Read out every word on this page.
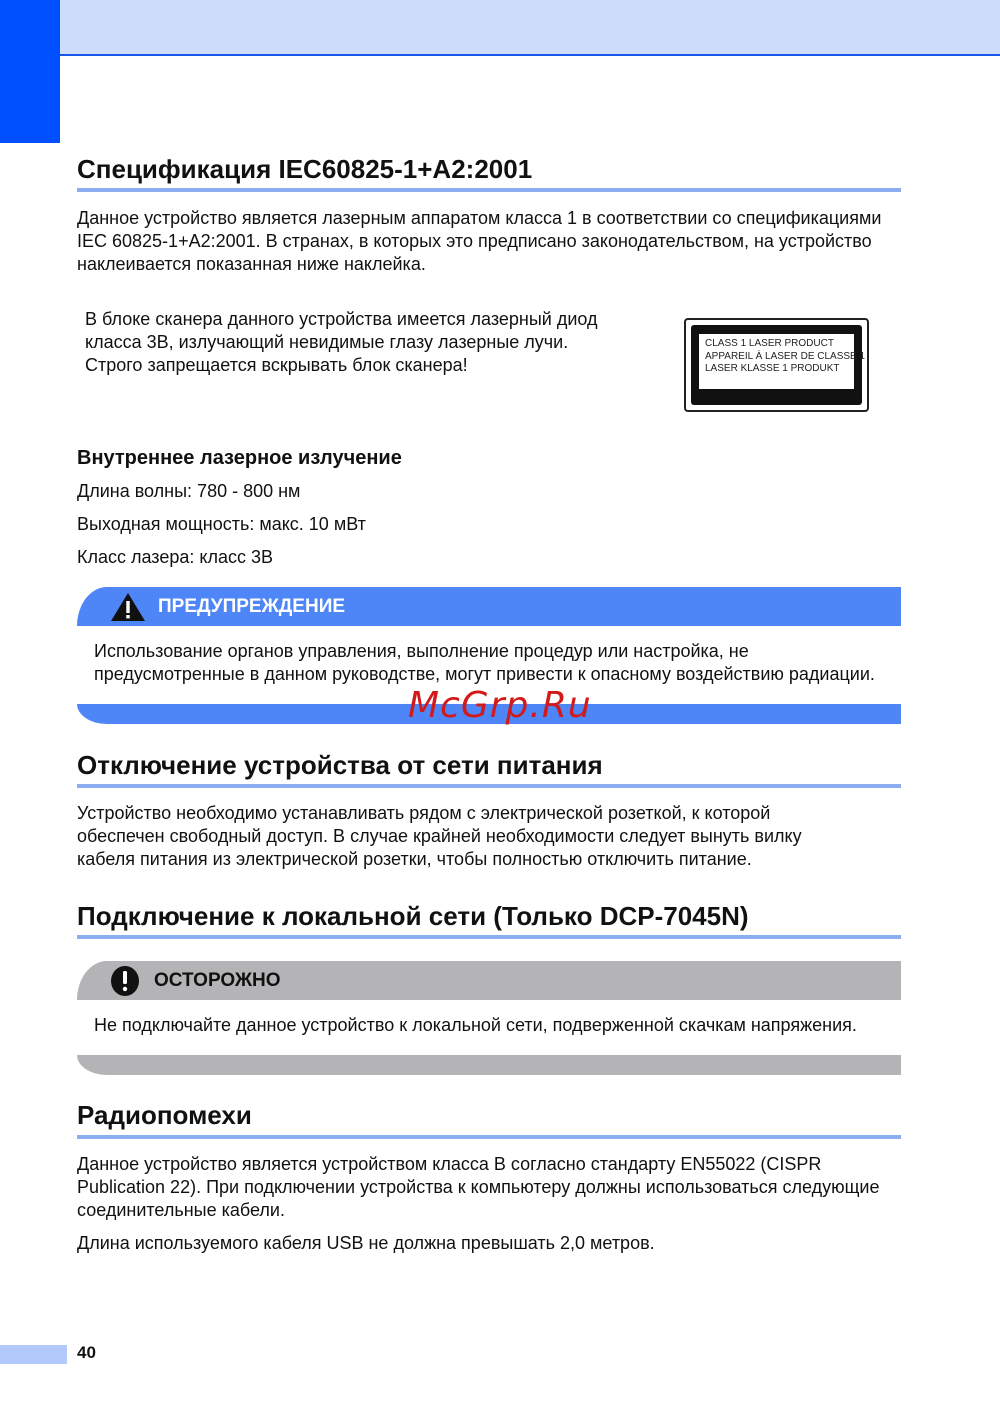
Спецификация IEC60825-1+A2:2001

Данное устройство является лазерным аппаратом класса 1 в соответствии со спецификациями
IEC 60825-1+A2:2001. В странах, в которых это предписано законодательством, на устройство
наклеивается показанная ниже наклейка.

В блоке сканера данного устройства имеется лазерный диод
класса 3B, излучающий невидимые глазу лазерные лучи.
Строго запрещается вскрывать блок сканера!

CLASS 1 LASER PRODUCT
APPAREIL À LASER DE CLASSE 1
LASER KLASSE 1 PRODUKT
Внутреннее лазерное излучение

Длина волны: 780 - 800 нм

Выходная мощность: макс. 10 мВт

Класс лазера: класс 3B

ПРЕДУПРЕЖДЕНИЕ

Использование органов управления, выполнение процедур или настройка, не
предусмотренные в данном руководстве, могут привести к опасному воздействию радиации.

McGrp.Ru
Отключение устройства от сети питания

Устройство необходимо устанавливать рядом с электрической розеткой, к которой
обеспечен свободный доступ. В случае крайней необходимости следует вынуть вилку
кабеля питания из электрической розетки, чтобы полностью отключить питание.

Подключение к локальной сети (Только DCP-7045N)
ОСТОРОЖНО

Не подключайте данное устройство к локальной сети, подверженной скачкам напряжения.

Радиопомехи

Данное устройство является устройством класса B согласно стандарту EN55022 (CISPR
Publication 22). При подключении устройства к компьютеру должны использоваться следующие
соединительные кабели.

Длина используемого кабеля USB не должна превышать 2,0 метров.

40
